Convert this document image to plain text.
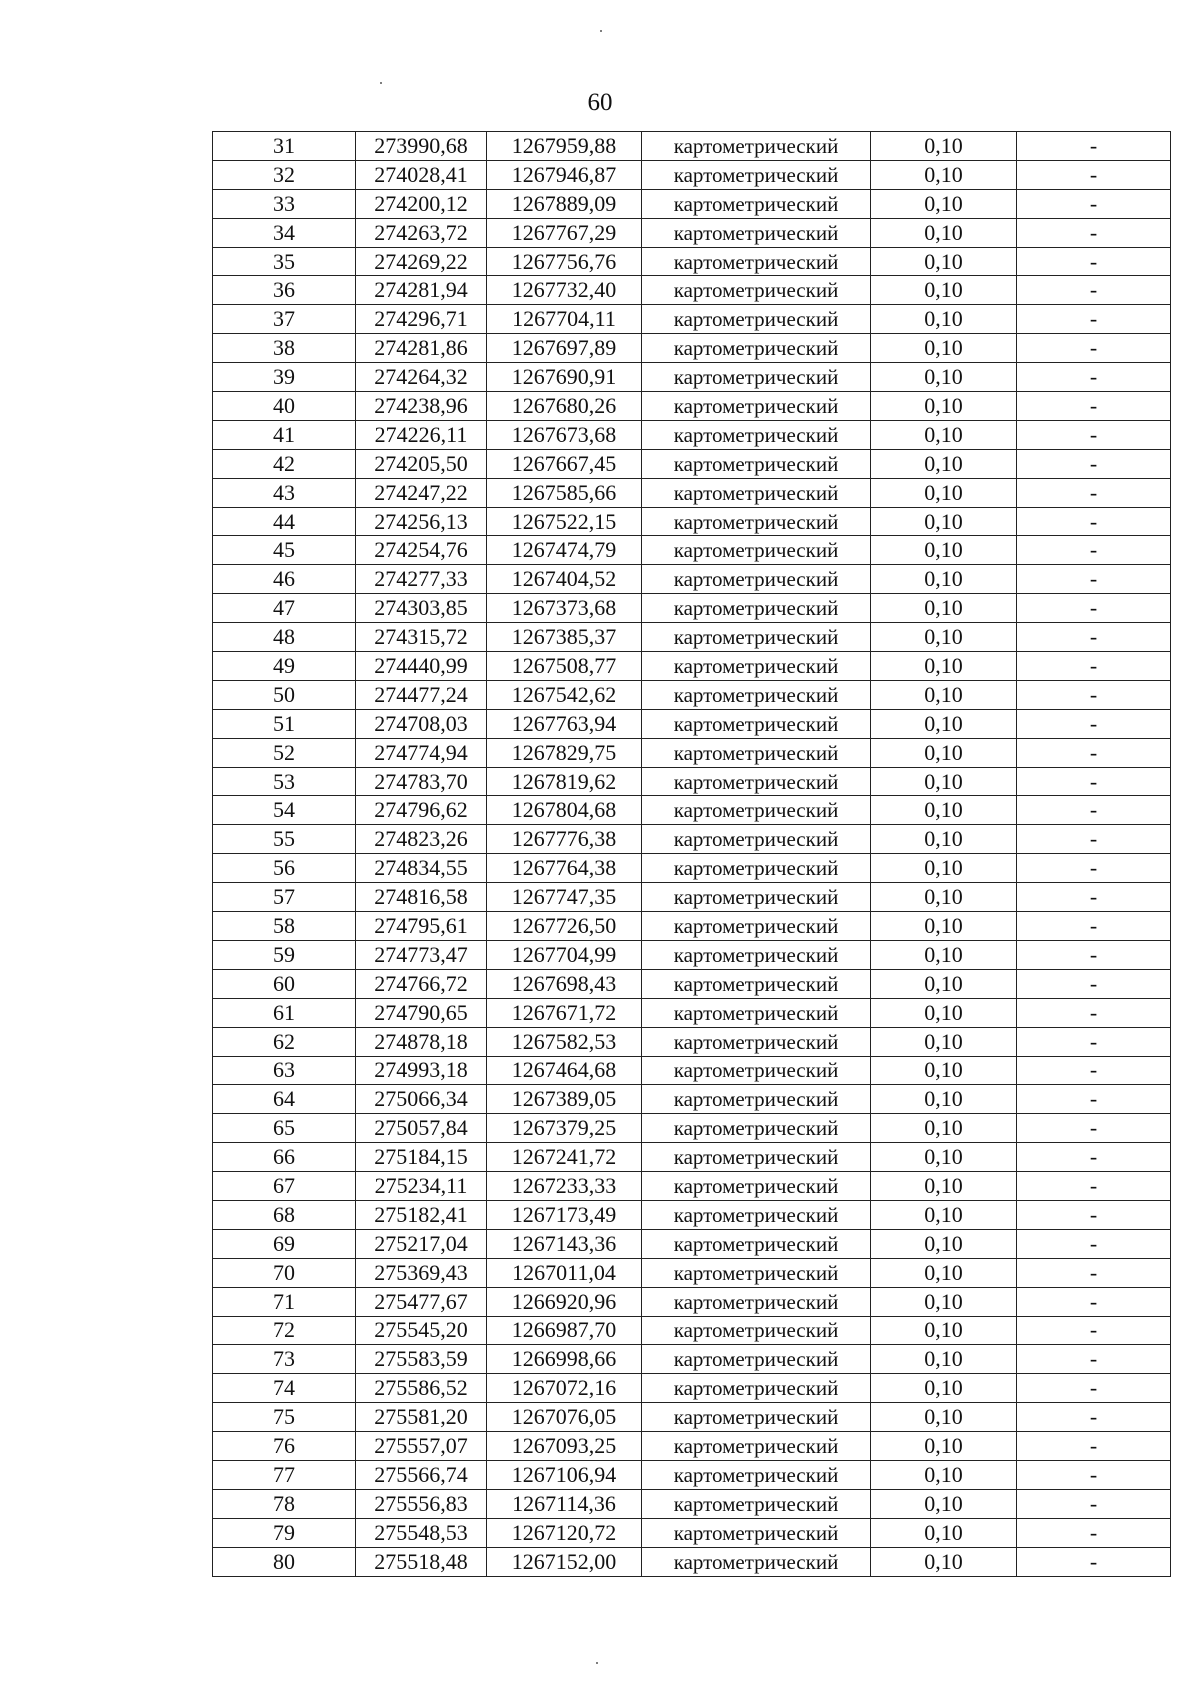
60
31	273990,68	1267959,88	картометрический	0,10	-
32	274028,41	1267946,87	картометрический	0,10	-
33	274200,12	1267889,09	картометрический	0,10	-
34	274263,72	1267767,29	картометрический	0,10	-
35	274269,22	1267756,76	картометрический	0,10	-
36	274281,94	1267732,40	картометрический	0,10	-
37	274296,71	1267704,11	картометрический	0,10	-
38	274281,86	1267697,89	картометрический	0,10	-
39	274264,32	1267690,91	картометрический	0,10	-
40	274238,96	1267680,26	картометрический	0,10	-
41	274226,11	1267673,68	картометрический	0,10	-
42	274205,50	1267667,45	картометрический	0,10	-
43	274247,22	1267585,66	картометрический	0,10	-
44	274256,13	1267522,15	картометрический	0,10	-
45	274254,76	1267474,79	картометрический	0,10	-
46	274277,33	1267404,52	картометрический	0,10	-
47	274303,85	1267373,68	картометрический	0,10	-
48	274315,72	1267385,37	картометрический	0,10	-
49	274440,99	1267508,77	картометрический	0,10	-
50	274477,24	1267542,62	картометрический	0,10	-
51	274708,03	1267763,94	картометрический	0,10	-
52	274774,94	1267829,75	картометрический	0,10	-
53	274783,70	1267819,62	картометрический	0,10	-
54	274796,62	1267804,68	картометрический	0,10	-
55	274823,26	1267776,38	картометрический	0,10	-
56	274834,55	1267764,38	картометрический	0,10	-
57	274816,58	1267747,35	картометрический	0,10	-
58	274795,61	1267726,50	картометрический	0,10	-
59	274773,47	1267704,99	картометрический	0,10	-
60	274766,72	1267698,43	картометрический	0,10	-
61	274790,65	1267671,72	картометрический	0,10	-
62	274878,18	1267582,53	картометрический	0,10	-
63	274993,18	1267464,68	картометрический	0,10	-
64	275066,34	1267389,05	картометрический	0,10	-
65	275057,84	1267379,25	картометрический	0,10	-
66	275184,15	1267241,72	картометрический	0,10	-
67	275234,11	1267233,33	картометрический	0,10	-
68	275182,41	1267173,49	картометрический	0,10	-
69	275217,04	1267143,36	картометрический	0,10	-
70	275369,43	1267011,04	картометрический	0,10	-
71	275477,67	1266920,96	картометрический	0,10	-
72	275545,20	1266987,70	картометрический	0,10	-
73	275583,59	1266998,66	картометрический	0,10	-
74	275586,52	1267072,16	картометрический	0,10	-
75	275581,20	1267076,05	картометрический	0,10	-
76	275557,07	1267093,25	картометрический	0,10	-
77	275566,74	1267106,94	картометрический	0,10	-
78	275556,83	1267114,36	картометрический	0,10	-
79	275548,53	1267120,72	картометрический	0,10	-
80	275518,48	1267152,00	картометрический	0,10	-
